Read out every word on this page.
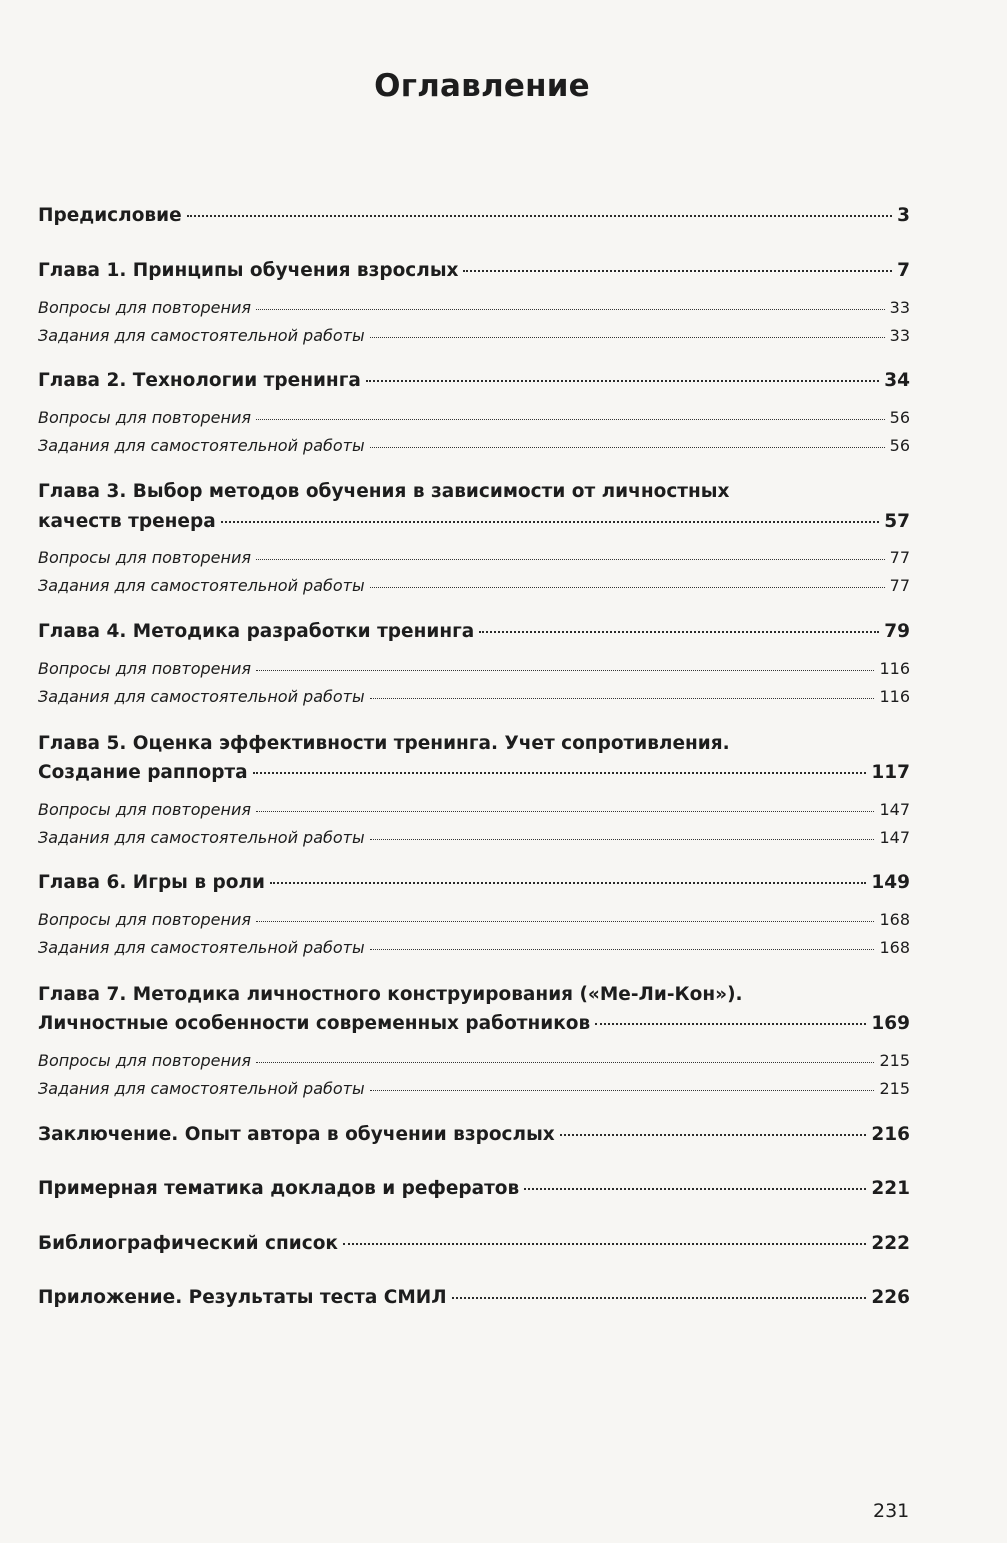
Оглавление
Предисловие	3
Глава 1. Принципы обучения взрослых	7
Вопросы для повторения	33
Задания для самостоятельной работы	33
Глава 2. Технологии тренинга	34
Вопросы для повторения	56
Задания для самостоятельной работы	56
Глава 3. Выбор методов обучения в зависимости от личностных
качеств тренера	57
Вопросы для повторения	77
Задания для самостоятельной работы	77
Глава 4. Методика разработки тренинга	79
Вопросы для повторения	116
Задания для самостоятельной работы	116
Глава 5. Оценка эффективности тренинга. Учет сопротивления.
Создание раппорта	117
Вопросы для повторения	147
Задания для самостоятельной работы	147
Глава 6. Игры в роли	149
Вопросы для повторения	168
Задания для самостоятельной работы	168
Глава 7. Методика личностного конструирования («Ме-Ли-Кон»).
Личностные особенности современных работников	169
Вопросы для повторения	215
Задания для самостоятельной работы	215
Заключение. Опыт автора в обучении взрослых	216
Примерная тематика докладов и рефератов	221
Библиографический список	222
Приложение. Результаты теста СМИЛ	226
231
